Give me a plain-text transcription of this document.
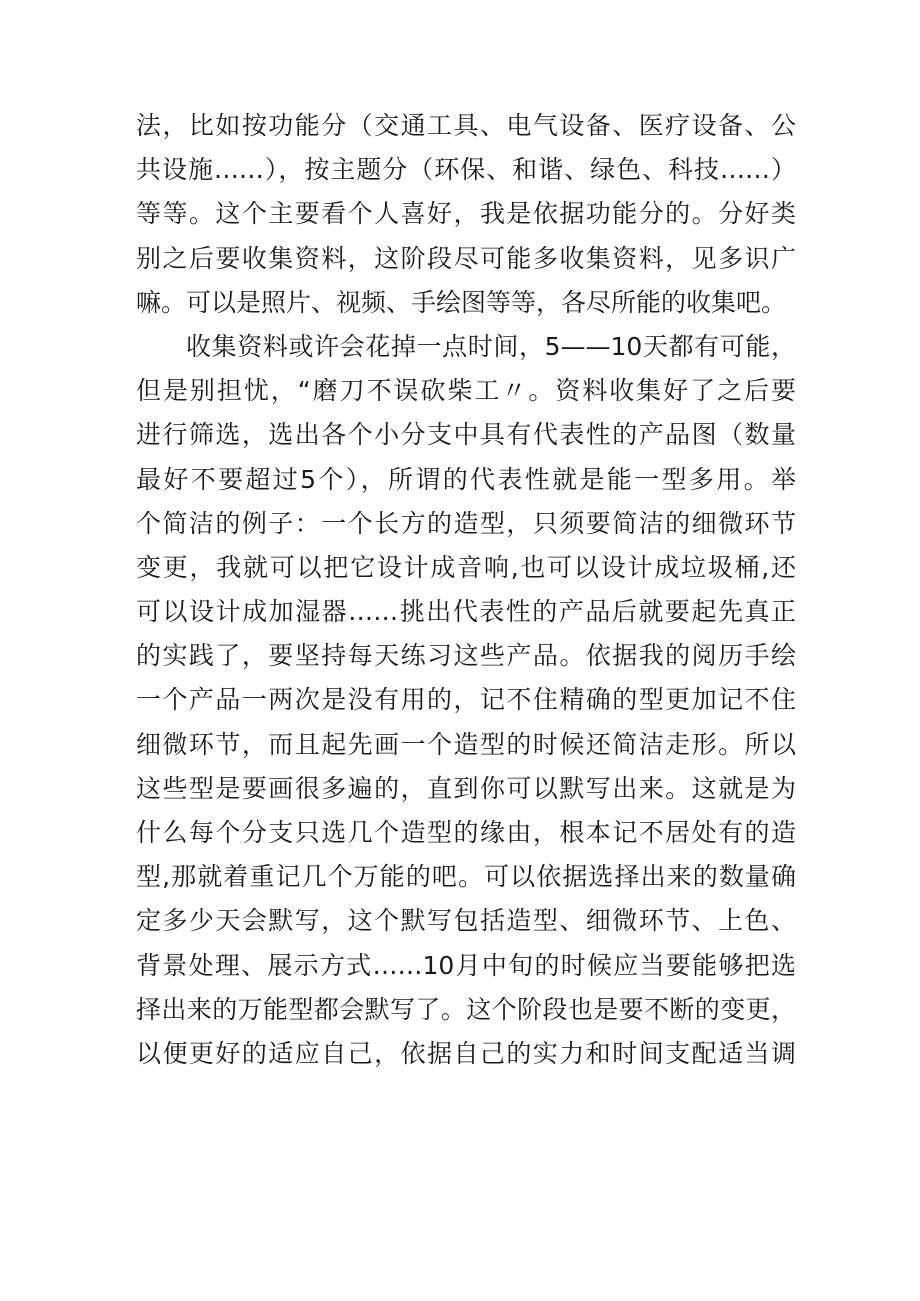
法，比如按功能分（交通工具、电气设备、医疗设备、公
共设施……），按主题分（环保、和谐、绿色、科技……）
等等。这个主要看个人喜好，我是依据功能分的。分好类
别之后要收集资料，这阶段尽可能多收集资料，见多识广
嘛。可以是照片、视频、手绘图等等，各尽所能的收集吧。
收集资料或许会花掉一点时间，5——10天都有可能，
但是别担忧，“磨刀不误砍柴工〃。资料收集好了之后要
进行筛选，选出各个小分支中具有代表性的产品图（数量
最好不要超过5个），所谓的代表性就是能一型多用。举
个简洁的例子：一个长方的造型，只须要简洁的细微环节
变更，我就可以把它设计成音响,也可以设计成垃圾桶,还
可以设计成加湿器……挑出代表性的产品后就要起先真正
的实践了，要坚持每天练习这些产品。依据我的阅历手绘
一个产品一两次是没有用的，记不住精确的型更加记不住
细微环节，而且起先画一个造型的时候还简洁走形。所以
这些型是要画很多遍的，直到你可以默写出来。这就是为
什么每个分支只选几个造型的缘由，根本记不居处有的造
型,那就着重记几个万能的吧。可以依据选择出来的数量确
定多少天会默写，这个默写包括造型、细微环节、上色、
背景处理、展示方式……10月中旬的时候应当要能够把选
择出来的万能型都会默写了。这个阶段也是要不断的变更，
以便更好的适应自己，依据自己的实力和时间支配适当调
